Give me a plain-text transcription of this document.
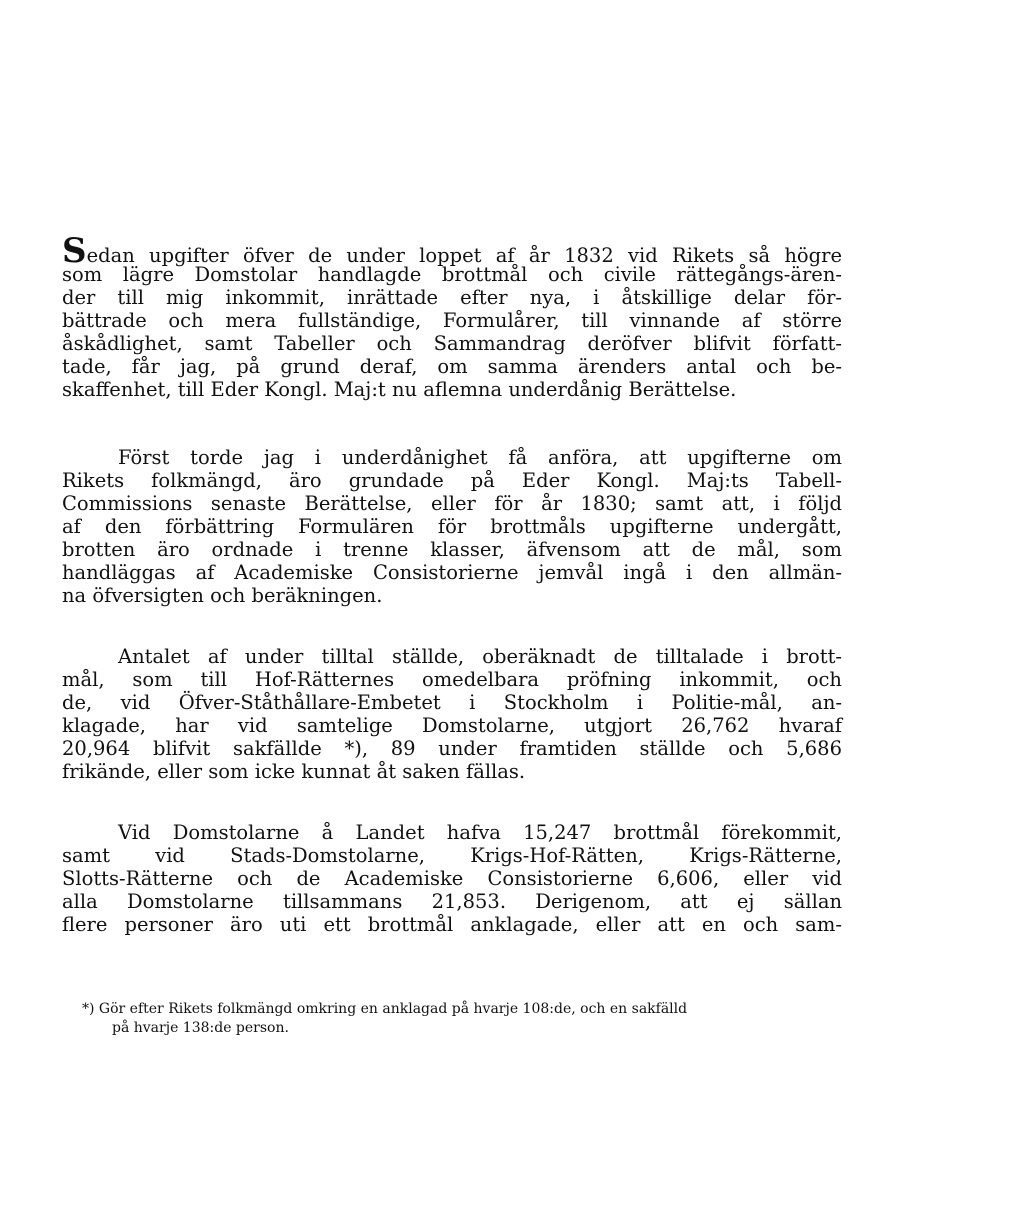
Sedan upgifter öfver de under loppet af år 1832 vid Rikets så högre
som lägre Domstolar handlagde brottmål och civile rättegångs-ären-
der till mig inkommit, inrättade efter nya, i åtskillige delar för-
bättrade och mera fullständige, Formulårer, till vinnande af större
åskådlighet, samt Tabeller och Sammandrag deröfver blifvit författ-
tade, får jag, på grund deraf, om samma ärenders antal och be-
skaffenhet, till Eder Kongl. Maj:t nu aflemna underdånig Berättelse.
Först torde jag i underdånighet få anföra, att upgifterne om
Rikets folkmängd, äro grundade på Eder Kongl. Maj:ts Tabell-
Commissions senaste Berättelse, eller för år 1830; samt att, i följd
af den förbättring Formulären för brottmåls upgifterne undergått,
brotten äro ordnade i trenne klasser, äfvensom att de mål, som
handläggas af Academiske Consistorierne jemvål ingå i den allmän-
na öfversigten och beräkningen.
Antalet af under tilltal ställde, oberäknadt de tilltalade i brott-
mål, som till Hof-Rätternes omedelbara pröfning inkommit, och
de, vid Öfver-Ståthållare-Embetet i Stockholm i Politie-mål, an-
klagade, har vid samtelige Domstolarne, utgjort 26,762 hvaraf
20,964 blifvit sakfällde *), 89 under framtiden ställde och 5,686
frikände, eller som icke kunnat åt saken fällas.
Vid Domstolarne å Landet hafva 15,247 brottmål förekommit,
samt vid Stads-Domstolarne, Krigs-Hof-Rätten, Krigs-Rätterne,
Slotts-Rätterne och de Academiske Consistorierne 6,606, eller vid
alla Domstolarne tillsammans 21,853. Derigenom, att ej sällan
flere personer äro uti ett brottmål anklagade, eller att en och sam-
*) Gör efter Rikets folkmängd omkring en anklagad på hvarje 108:de, och en sakfälld
på hvarje 138:de person.
